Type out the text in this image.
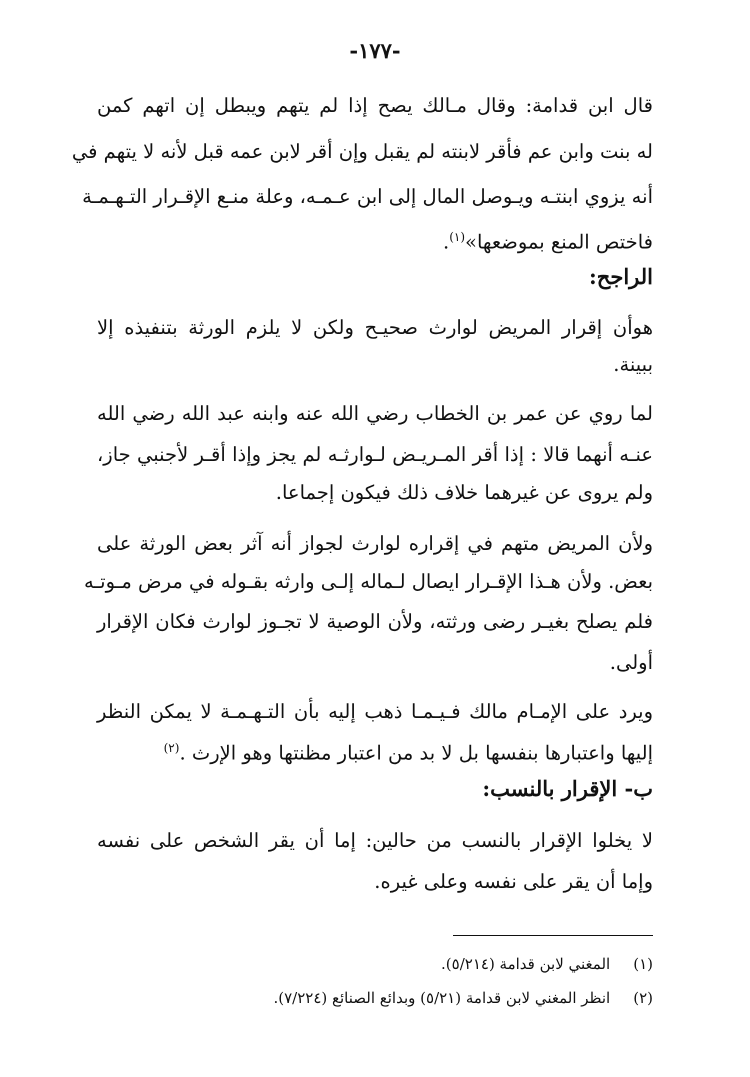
-١٧٧-
قال ابن قدامة: وقال مـالك يصح إذا لم يتهم ويبطل إن اتهم كمن
له بنت وابن عم فأقر لابنته لم يقبل وإن أقر لابن عمه قبل لأنه لا يتهم في
أنه يزوي ابنتـه ويـوصل المال إلى ابن عـمـه، وعلة منـع الإقـرار التـهـمـة
فاختص المنع بموضعها»$^{(١)}$.
الراجح:
هوأن إقرار المريض لوارث صحيـح ولكن لا يلزم الورثة بتنفيذه إلا
ببينة.
لما روي عن عمر بن الخطاب رضي الله عنه وابنه عبد الله رضي الله
عنـه أنهما قالا : إذا أقر المـريـض لـوارثـه لم يجز وإذا أقـر لأجنبي جاز،
ولم يروى عن غيرهما خلاف ذلك فيكون إجماعا.
ولأن المريض متهم في إقراره لوارث لجواز أنه آثر بعض الورثة على
بعض. ولأن هـذا الإقـرار ايصال لـماله إلـى وارثه بقـوله في مرض مـوتـه
فلم يصلح بغيـر رضى ورثته، ولأن الوصية لا تجـوز لوارث فكان الإقرار
أولى.
ويرد على الإمـام مالك فـيـمـا ذهب إليه بأن التـهـمـة لا يمكن النظر
إليها واعتبارها بنفسها بل لا بد من اعتبار مظنتها وهو الإرث .$^{(٢)}$
ب- الإقرار بالنسب:
لا يخلوا الإقرار بالنسب من حالين: إما أن يقر الشخص على نفسه
وإما أن يقر على نفسه وعلى غيره.
(١) المغني لابن قدامة (٥/٢١٤).
(٢) انظر المغني لابن قدامة (٥/٢١) وبدائع الصنائع (٧/٢٢٤).
